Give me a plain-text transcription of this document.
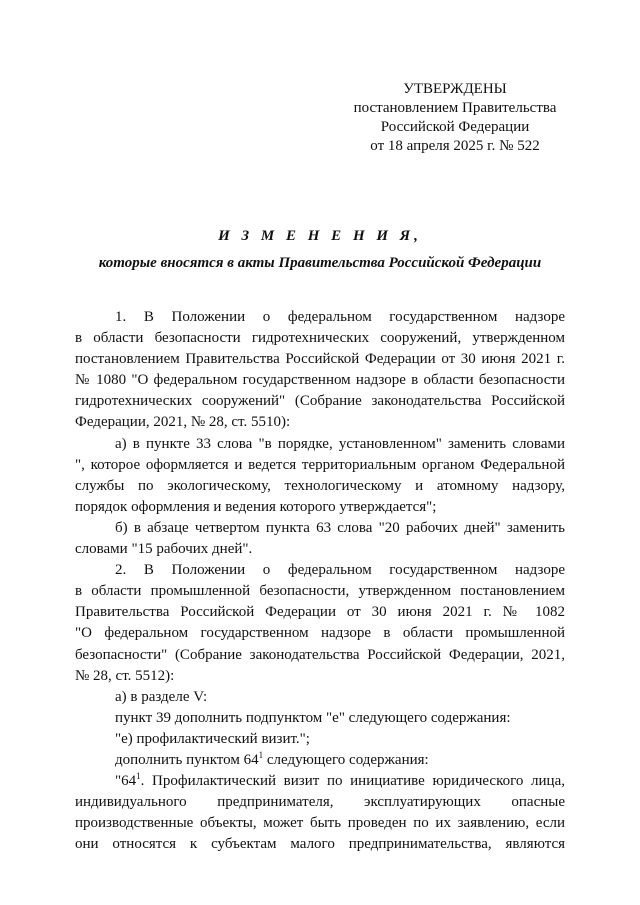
УТВЕРЖДЕНЫ
постановлением Правительства
Российской Федерации
от 18 апреля 2025 г. № 522
И З М Е Н Е Н И Я,
которые вносятся в акты Правительства Российской Федерации
1. В Положении о федеральном государственном надзоре
в области безопасности гидротехнических сооружений, утвержденном
постановлением Правительства Российской Федерации от 30 июня 2021 г.
№ 1080 "О федеральном государственном надзоре в области безопасности
гидротехнических сооружений" (Собрание законодательства Российской
Федерации, 2021, № 28, ст. 5510):
а) в пункте 33 слова "в порядке, установленном" заменить словами
", которое оформляется и ведется территориальным органом Федеральной
службы по экологическому, технологическому и атомному надзору,
порядок оформления и ведения которого утверждается";
б) в абзаце четвертом пункта 63 слова "20 рабочих дней" заменить
словами "15 рабочих дней".
2. В Положении о федеральном государственном надзоре
в области промышленной безопасности, утвержденном постановлением
Правительства Российской Федерации от 30 июня 2021 г. № 1082
"О федеральном государственном надзоре в области промышленной
безопасности" (Собрание законодательства Российской Федерации, 2021,
№ 28, ст. 5512):
а) в разделе V:
пункт 39 дополнить подпунктом "е" следующего содержания:
"е) профилактический визит.";
дополнить пунктом $64^1$ следующего содержания:
"$64^1$. Профилактический визит по инициативе юридического лица,
индивидуального предпринимателя, эксплуатирующих опасные
производственные объекты, может быть проведен по их заявлению, если
они относятся к субъектам малого предпринимательства, являются
